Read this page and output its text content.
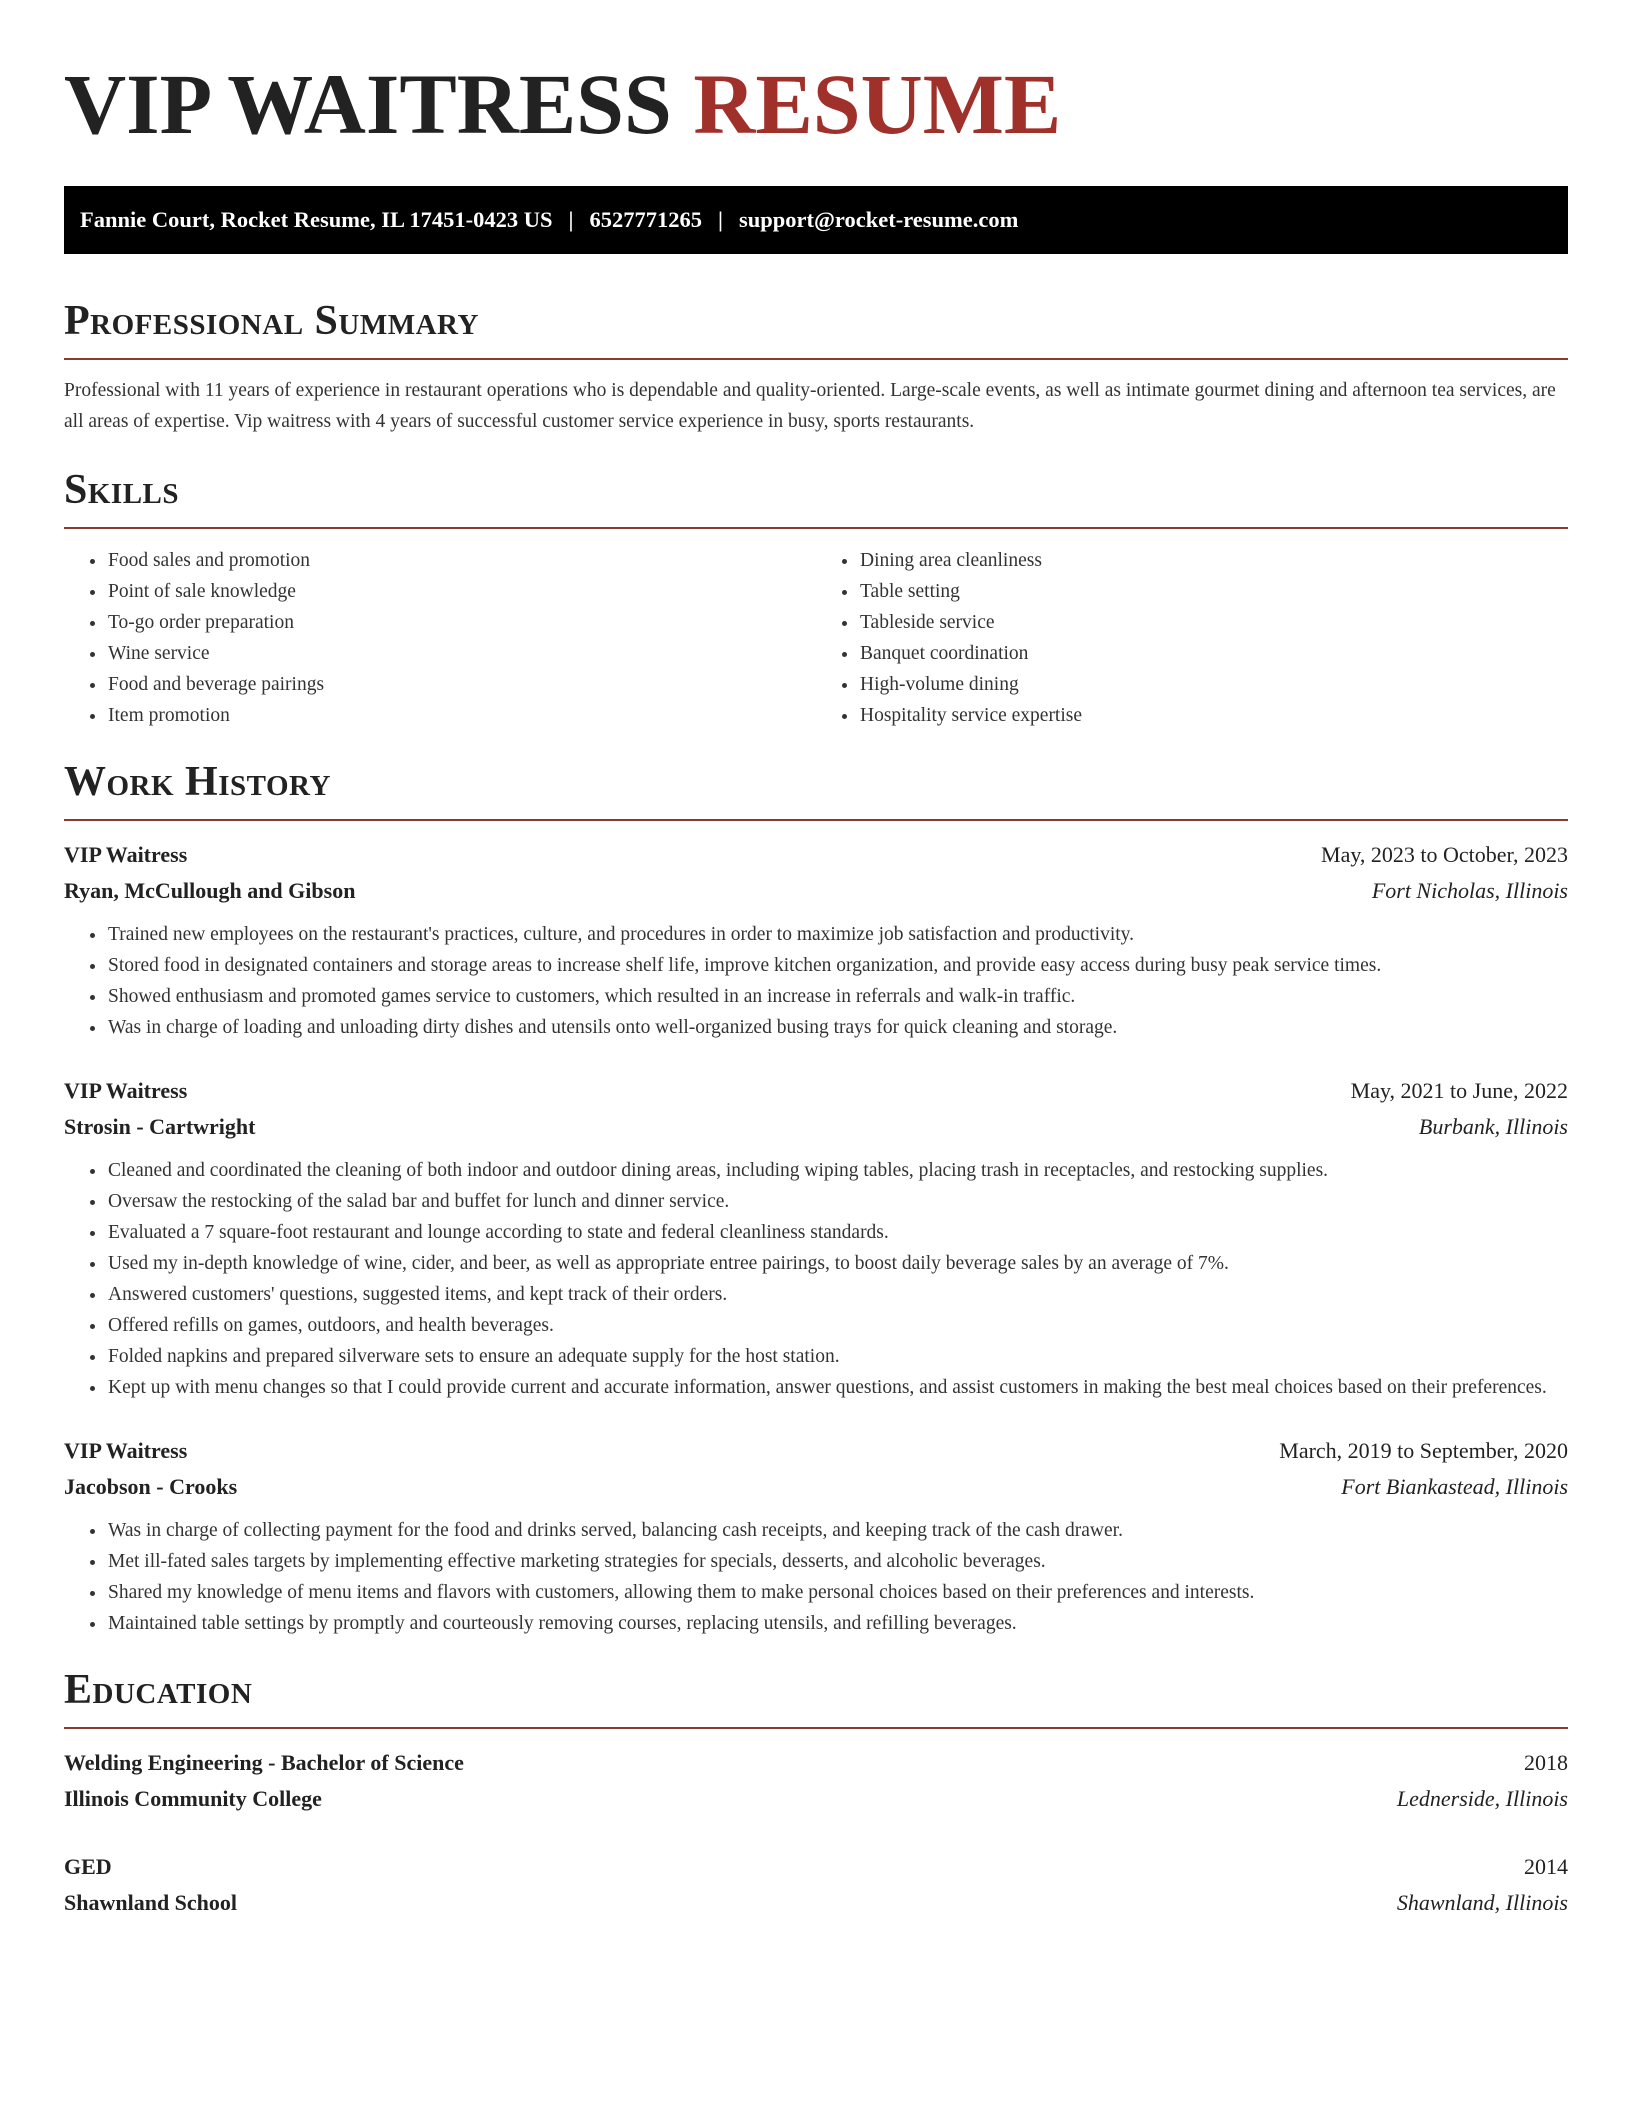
VIP WAITRESS RESUME
Fannie Court, Rocket Resume, IL 17451-0423 US | 6527771265 | support@rocket-resume.com
Professional Summary

Professional with 11 years of experience in restaurant operations who is dependable and quality-oriented. Large-scale events, as well as intimate gourmet dining and afternoon tea services, are all areas of expertise. Vip waitress with 4 years of successful customer service experience in busy, sports restaurants.

Skills
• Food sales and promotion
• Point of sale knowledge
• To-go order preparation
• Wine service
• Food and beverage pairings
• Item promotion
• Dining area cleanliness
• Table setting
• Tableside service
• Banquet coordination
• High-volume dining
• Hospitality service expertise
Work History
VIP Waitress	May, 2023 to October, 2023
Ryan, McCullough and Gibson	Fort Nicholas, Illinois
• Trained new employees on the restaurant's practices, culture, and procedures in order to maximize job satisfaction and productivity.
• Stored food in designated containers and storage areas to increase shelf life, improve kitchen organization, and provide easy access during busy peak service times.
• Showed enthusiasm and promoted games service to customers, which resulted in an increase in referrals and walk-in traffic.
• Was in charge of loading and unloading dirty dishes and utensils onto well-organized busing trays for quick cleaning and storage.
VIP Waitress	May, 2021 to June, 2022
Strosin - Cartwright	Burbank, Illinois
• Cleaned and coordinated the cleaning of both indoor and outdoor dining areas, including wiping tables, placing trash in receptacles, and restocking supplies.
• Oversaw the restocking of the salad bar and buffet for lunch and dinner service.
• Evaluated a 7 square-foot restaurant and lounge according to state and federal cleanliness standards.
• Used my in-depth knowledge of wine, cider, and beer, as well as appropriate entree pairings, to boost daily beverage sales by an average of 7%.
• Answered customers' questions, suggested items, and kept track of their orders.
• Offered refills on games, outdoors, and health beverages.
• Folded napkins and prepared silverware sets to ensure an adequate supply for the host station.
• Kept up with menu changes so that I could provide current and accurate information, answer questions, and assist customers in making the best meal choices based on their preferences.
VIP Waitress	March, 2019 to September, 2020
Jacobson - Crooks	Fort Biankastead, Illinois
• Was in charge of collecting payment for the food and drinks served, balancing cash receipts, and keeping track of the cash drawer.
• Met ill-fated sales targets by implementing effective marketing strategies for specials, desserts, and alcoholic beverages.
• Shared my knowledge of menu items and flavors with customers, allowing them to make personal choices based on their preferences and interests.
• Maintained table settings by promptly and courteously removing courses, replacing utensils, and refilling beverages.
Education
Welding Engineering - Bachelor of Science	2018
Illinois Community College	Lednerside, Illinois
GED	2014
Shawnland School	Shawnland, Illinois
